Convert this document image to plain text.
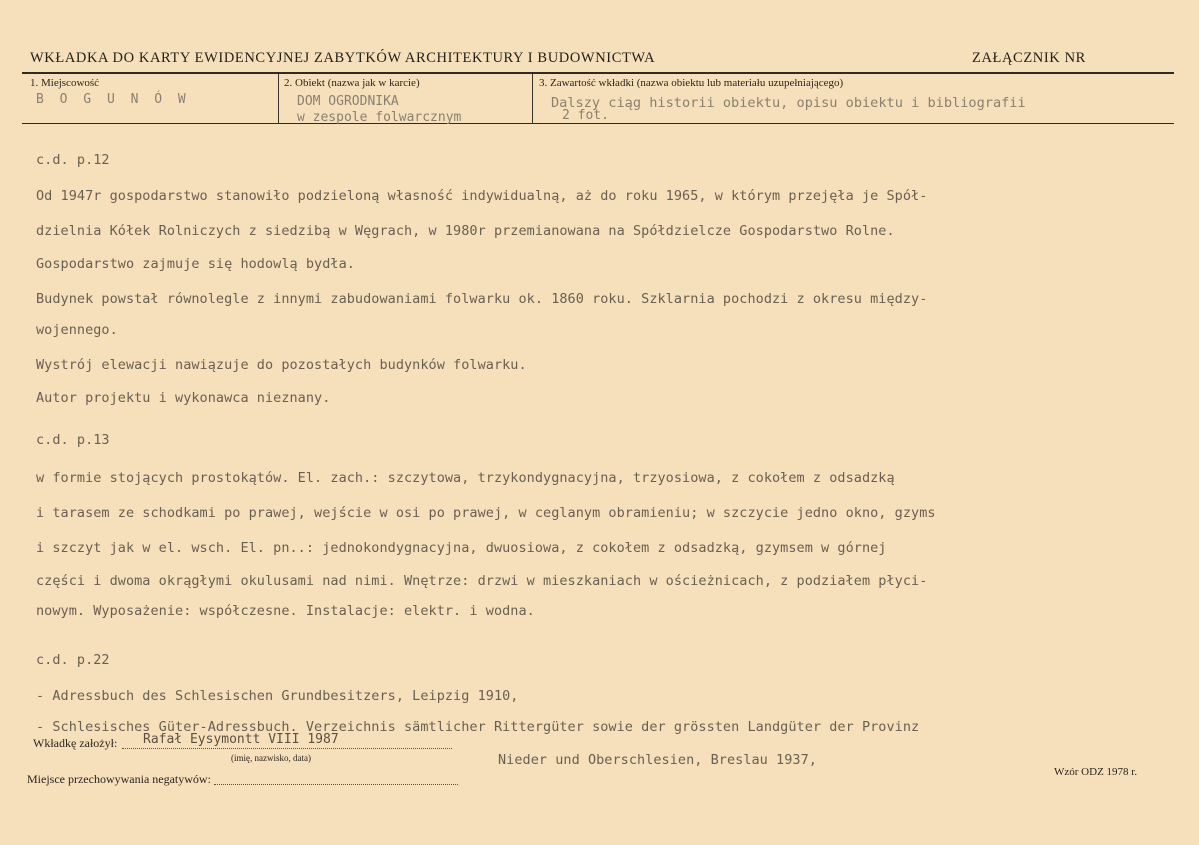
WKŁADKA DO KARTY EWIDENCYJNEJ ZABYTKÓW ARCHITEKTURY I BUDOWNICTWA	ZAŁĄCZNIK NR
1. Miejscowość
B O G U N Ó W
2. Obiekt (nazwa jak w karcie)
DOM OGRODNIKA
w zespole folwarcznym
3. Zawartość wkładki (nazwa obiektu lub materiału uzupełniającego)
Dalszy ciąg historii obiektu, opisu obiektu i bibliografii
2 fot.
c.d. p.12
Od 1947r gospodarstwo stanowiło podzieloną własność indywidualną, aż do roku 1965, w którym przejęła je Spół-
dzielnia Kółek Rolniczych z siedzibą w Węgrach, w 1980r przemianowana na Spółdzielcze Gospodarstwo Rolne.
Gospodarstwo zajmuje się hodowlą bydła.
Budynek powstał równolegle z innymi zabudowaniami folwarku ok. 1860 roku. Szklarnia pochodzi z okresu między-
wojennego.
Wystrój elewacji nawiązuje do pozostałych budynków folwarku.
Autor projektu i wykonawca nieznany.
c.d. p.13
w formie stojących prostokątów. El. zach.: szczytowa, trzykondygnacyjna, trzyosiowa, z cokołem z odsadzką
i tarasem ze schodkami po prawej, wejście w osi po prawej, w ceglanym obramieniu; w szczycie jedno okno, gzyms
i szczyt jak w el. wsch. El. pn..: jednokondygnacyjna, dwuosiowa, z cokołem z odsadzką, gzymsem w górnej
części i dwoma okrągłymi okulusami nad nimi. Wnętrze: drzwi w mieszkaniach w ościeżnicach, z podziałem płyci-
nowym. Wyposażenie: współczesne. Instalacje: elektr. i wodna.
c.d. p.22
- Adressbuch des Schlesischen Grundbesitzers, Leipzig 1910,
- Schlesisches Güter-Adressbuch. Verzeichnis sämtlicher Rittergüter sowie der grössten Landgüter der Provinz
Nieder und Oberschlesien, Breslau 1937,
Wkładkę założył: Rafał Eysymontt VIII 1987
(imię, nazwisko, data)
Miejsce przechowywania negatywów:	Wzór ODZ 1978 r.
